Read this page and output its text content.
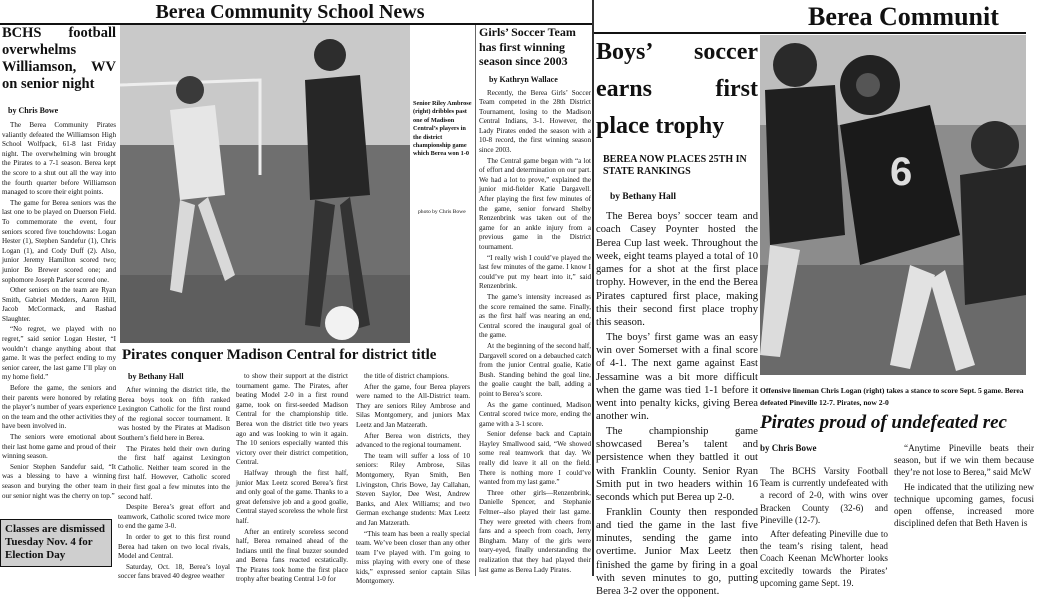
Berea Community School News
BCHS football overwhelms Williamson, WV on senior night
by Chris Bowe

The Berea Community Pirates valiantly defeated the Williamson High School Wolfpack, 61-8 last Friday night. The overwhelming win brought the Pirates to a 7-1 season. Berea kept the score to a shut out all the way into the fourth quarter before Williamson managed to score their eight points.

The game for Berea seniors was the last one to be played on Duerson Field. To commemorate the event, four seniors scored five touchdowns: Logan Hester (1), Stephen Sandefur (1), Chris Logan (1), and Cody Duff (2). Also, junior Jeremy Hamilton scored two; junior Bo Brewer scored one; and sophomore Joseph Parker scored one.

Other seniors on the team are Ryan Smith, Gabriel Medders, Aaron Hill, Jacob McCormack, and Rashad Slaughter.

“No regret, we played with no regret,” said senior Logan Hester, “I wouldn’t change anything about that game. It was the perfect ending to my senior career, the last game I’ll play on my home field.”

Before the game, the seniors and their parents were honored by relating the player’s number of years experience on the team and the other activities they have been involved in.

The seniors were emotional about their last home game and proud of their winning season.

Senior Stephen Sandefur said, “It was a blessing to have a winning season and burying the other team in our senior night was the cherry on top.”

Classes are dismissed Tuesday Nov. 4 for Election Day
Senior Riley Ambrose (right) dribbles past one of Madison Central’s players in the district championship game which Berea won 1-0
photo by Chris Bowe
Pirates conquer Madison Central for district title
by Bethany Hall

After winning the district title, the Berea boys took on fifth ranked Lexington Catholic for the first round of the regional soccer tournament. It was hosted by the Pirates at Madison Southern’s field here in Berea.

The Pirates held their own during the first half against Lexington Catholic. Neither team scored in the first half. However, Catholic scored their first goal a few minutes into the second half.

Despite Berea’s great effort and teamwork, Catholic scored twice more to end the game 3-0.

In order to get to this first round Berea had taken on two local rivals, Model and Central.

Saturday, Oct. 18, Berea’s loyal soccer fans braved 40 degree weather

to show their support at the district tournament game. The Pirates, after beating Model 2-0 in a first round game, took on first-seeded Madison Central for the championship title. Berea won the district title two years ago and was looking to win it again. The 10 seniors especially wanted this victory over their district competition, Central.

Halfway through the first half, junior Max Leetz scored Berea’s first and only goal of the game. Thanks to a great defensive job and a good goalie, Central stayed scoreless the whole first half.

After an entirely scoreless second half, Berea remained ahead of the Indians until the final buzzer sounded and Berea fans reacted ecstatically. The Pirates took home the first place trophy after beating Central 1-0 for

the title of district champions.

After the game, four Berea players were named to the All-District team. They are seniors Riley Ambrose and Silas Montgomery, and juniors Max Leetz and Jan Matzerath.

After Berea won districts, they advanced to the regional tournament.

The team will suffer a loss of 10 seniors: Riley Ambrose, Silas Montgomery, Ryan Smith, Ben Livingston, Chris Bowe, Jay Callahan, Steven Saylor, Dee West, Andrew Banks, and Alex Williams; and two German exchange students: Max Leetz and Jan Matzerath.

“This team has been a really special team. We’ve been closer than any other team I’ve played with. I’m going to miss playing with every one of these kids,” expressed senior captain Silas Montgomery.

Girls’ Soccer Team has first winning season since 2003
by Kathryn Wallace

Recently, the Berea Girls’ Soccer Team competed in the 28th District Tournament, losing to the Madison Central Indians, 3-1. However, the Lady Pirates ended the season with a 10-8 record, the first winning season since 2003.

The Central game began with “a lot of effort and determination on our part. We had a lot to prove,” explained the junior mid-fielder Katie Dargavell. After playing the first few minutes of the game, senior forward Shelby Renzenbrink was taken out of the game for an ankle injury from a previous game in the District tournament.

“I really wish I could’ve played the last few minutes of the game. I know I could’ve put my heart into it,” said Renzenbrink.

The game’s intensity increased as the score remained the same. Finally, as the first half was nearing an end, Central scored the inaugural goal of the game.

At the beginning of the second half, Dargavell scored on a debauched catch from the junior Central goalie, Katie Bush. Standing behind the goal line, the goalie caught the ball, adding a point to Berea’s score.

As the game continued, Madison Central scored twice more, ending the game with a 3-1 score.

Senior defense back and Captain Hayley Smallwood said, “We showed some real teamwork that day. We really did leave it all on the field. There is nothing more I could’ve wanted from my last game.”

Three other girls—Renzenbrink, Danielle Spencer, and Stephanie Feltner--also played their last game. They were greeted with cheers from fans and a speech from coach, Jerry Bingham. Many of the girls were teary-eyed, finally understanding the realization that they had played their last game as Berea Lady Pirates.

Berea Communit
Boys’ soccer earns first place trophy
BEREA NOW PLACES 25TH IN STATE RANKINGS
by Bethany Hall

The Berea boys’ soccer team and coach Casey Poynter hosted the Berea Cup last week. Throughout the week, eight teams played a total of 10 games for a shot at the first place trophy. However, in the end the Berea Pirates captured first place, making this their second first place trophy this season.

The boys’ first game was an easy win over Somerset with a final score of 4-1. The next game against East Jessamine was a bit more difficult when the game was tied 1-1 before it went into penalty kicks, giving Berea another win.

The championship game showcased Berea’s talent and persistence when they battled it out with Franklin County. Senior Ryan Smith put in two headers within 16 seconds which put Berea up 2-0.

Franklin County then responded and tied the game in the last five minutes, sending the game into overtime. Junior Max Leetz then finished the game by firing in a goal with seven minutes to go, putting Berea 3-2 over the opponent.

6
Offensive lineman Chris Logan (right) takes a stance to score Sept. 5 game. Berea defeated Pineville 12-7. Pirates, now 2-0
Pirates proud of undefeated rec
by Chris Bowe

The BCHS Varsity Football Team is currently undefeated with a record of 2-0, with wins over Bracken County (32-6) and Pineville (12-7).

After defeating Pineville due to the team’s rising talent, head Coach Keenan McWhorter looks excitedly towards the Pirates’ upcoming game Sept. 19.

“Anytime Pineville beats their season, but if we win them because they’re not lose to Berea,” said McW

He indicated that the utilizing new technique upcoming games, focusi open offense, increased more disciplined defen that Beth Haven is
